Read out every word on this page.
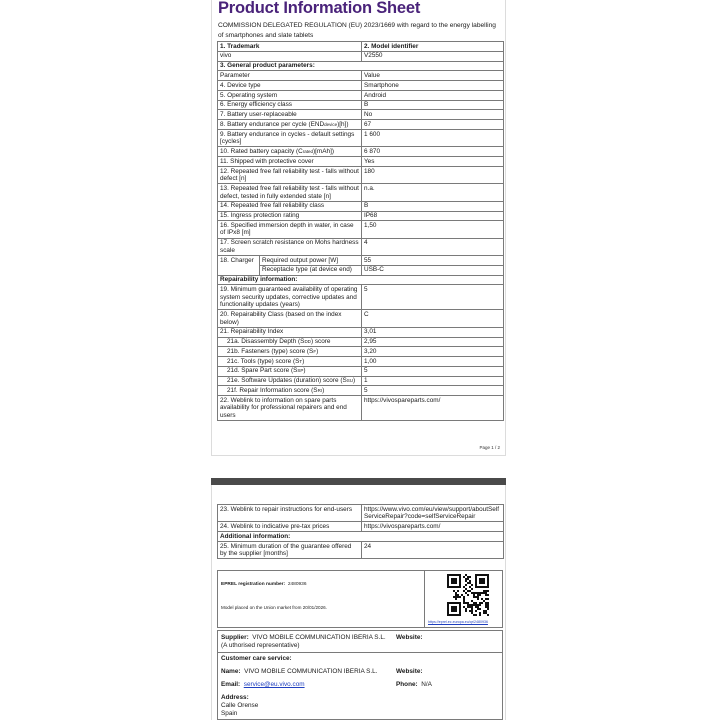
Product Information Sheet
COMMISSION DELEGATED REGULATION (EU) 2023/1669 with regard to the energy labelling of smartphones and slate tablets
1. Trademark		2. Model identifier
vivo		V2550
3. General product parameters:		
Parameter		Value
4. Device type		Smartphone
5. Operating system		Android
6. Energy efficiency class		B
7. Battery user-replaceable		No
8. Battery endurance per cycle (ENDdevice)[h])		67
9. Battery endurance in cycles - default settings [cycles]		1 600
10. Rated battery capacity (Crated)[mAh])		6 870
11. Shipped with protective cover		Yes
12. Repeated free fall reliability test - falls without defect [n]		180
13. Repeated free fall reliability test - falls without defect, tested in fully extended state [n]		n.a.
14. Repeated free fall reliability class		B
15. Ingress protection rating		IP68
16. Specified immersion depth in water, in case of IPx8 [m]		1,50
17. Screen scratch resistance on Mohs hardness scale		4
18. Charger	Required output power [W]	55
	Receptacle type (at device end)	USB-C
Repairability information:		
19. Minimum guaranteed availability of operating system security updates, corrective updates and functionality updates (years)		5
20. Repairability Class (based on the index below)		C
21. Repairability Index		3,01
21a. Disassembly Depth (SDD) score		2,95
21b. Fasteners (type) score (SF)		3,20
21c. Tools (type) score (ST)		1,00
21d. Spare Part score (SSP)		5
21e. Software Updates (duration) score (SSU)		1
21f. Repair Information score (SRI)		5
22. Weblink to information on spare parts availability for professional repairers and end users		https://vivospareparts.com/
Page 1 / 2
23. Weblink to repair instructions for end-users	https://www.vivo.com/eu/view/support/aboutSelfServiceRepair?code=selfServiceRepair
24. Weblink to indicative pre-tax prices	https://vivospareparts.com/
Additional information:	
25. Minimum duration of the guarantee offered by the supplier [months]	24
EPREL registration number: 2480936
Model placed on the Union market from 20/01/2026.
https://eprel.ec.europa.eu/qr/2480936
Supplier: VIVO MOBILE COMMUNICATION IBERIA S.L. (A uthorised representative)
Website:
Customer care service:
Name: VIVO MOBILE COMMUNICATION IBERIA S.L.	Website:
Email: service@eu.vivo.com	Phone: N/A
Address:
Calle Orense
Spain
